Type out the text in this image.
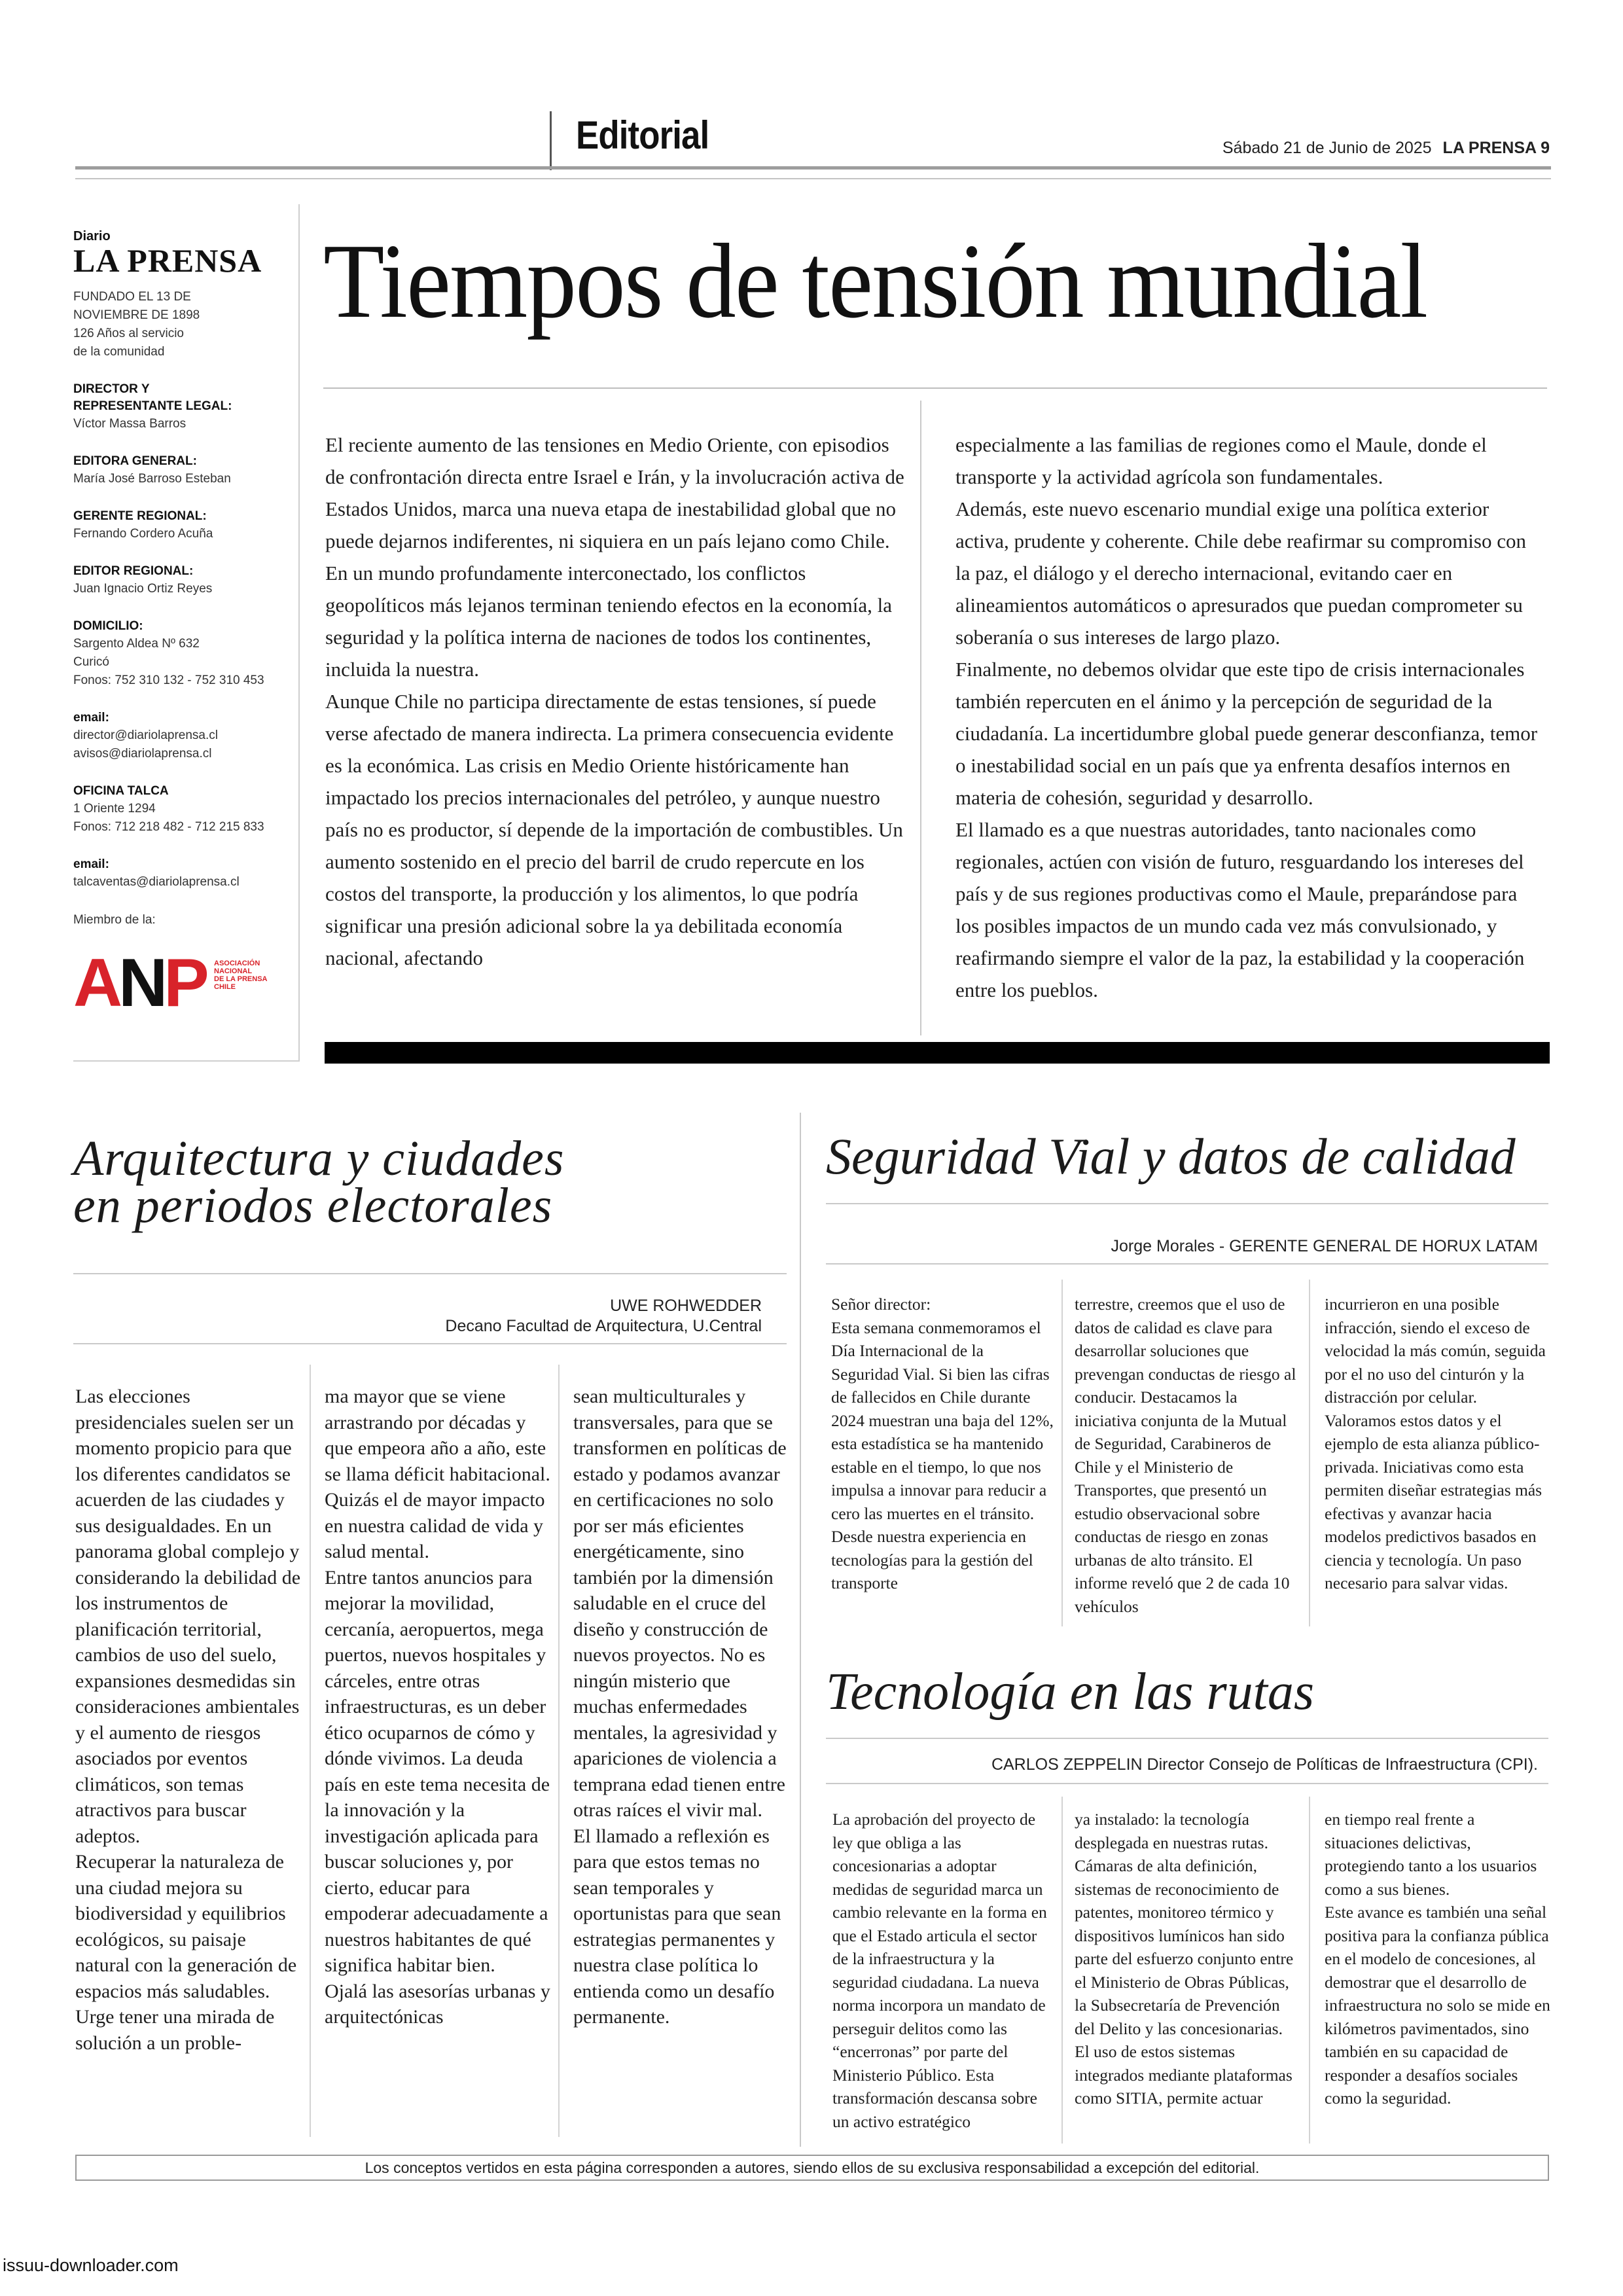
Editorial	Sábado 21 de Junio de 2025 LA PRENSA 9
Diario
LA PRENSA
FUNDADO EL 13 DE
NOVIEMBRE DE 1898
126 Años al servicio
de la comunidad
DIRECTOR Y
REPRESENTANTE LEGAL:
Víctor Massa Barros
EDITORA GENERAL:
María José Barroso Esteban
GERENTE REGIONAL:
Fernando Cordero Acuña
EDITOR REGIONAL:
Juan Ignacio Ortiz Reyes
DOMICILIO:
Sargento Aldea Nº 632
Curicó
Fonos: 752 310 132 - 752 310 453
email:
director@diariolaprensa.cl
avisos@diariolaprensa.cl
OFICINA TALCA
1 Oriente 1294
Fonos: 712 218 482 - 712 215 833
email:
talcaventas@diariolaprensa.cl
Miembro de la:
ANP ASOCIACIÓN
NACIONAL
DE LA PRENSA
CHILE
Tiempos de tensión mundial

El reciente aumento de las tensiones en Medio Oriente, con episodios de confrontación directa entre Israel e Irán, y la involucración activa de Estados Unidos, marca una nueva etapa de inestabilidad global que no puede dejarnos indiferentes, ni siquiera en un país lejano como Chile. En un mundo profundamente interconectado, los conflictos geopolíticos más lejanos terminan teniendo efectos en la economía, la seguridad y la política interna de naciones de todos los continentes, incluida la nuestra.

Aunque Chile no participa directamente de estas tensiones, sí puede verse afectado de manera indirecta. La primera consecuencia evidente es la económica. Las crisis en Medio Oriente históricamente han impactado los precios internacionales del petróleo, y aunque nuestro país no es productor, sí depende de la importación de combustibles. Un aumento sostenido en el precio del barril de crudo repercute en los costos del transporte, la producción y los alimentos, lo que podría significar una presión adicional sobre la ya debilitada economía nacional, afectando

especialmente a las familias de regiones como el Maule, donde el transporte y la actividad agrícola son fundamentales.

Además, este nuevo escenario mundial exige una política exterior activa, prudente y coherente. Chile debe reafirmar su compromiso con la paz, el diálogo y el derecho internacional, evitando caer en alineamientos automáticos o apresurados que puedan comprometer su soberanía o sus intereses de largo plazo.

Finalmente, no debemos olvidar que este tipo de crisis internacionales también repercuten en el ánimo y la percepción de seguridad de la ciudadanía. La incertidumbre global puede generar desconfianza, temor o inestabilidad social en un país que ya enfrenta desafíos internos en materia de cohesión, seguridad y desarrollo.

El llamado es a que nuestras autoridades, tanto nacionales como regionales, actúen con visión de futuro, resguardando los intereses del país y de sus regiones productivas como el Maule, preparándose para los posibles impactos de un mundo cada vez más convulsionado, y reafirmando siempre el valor de la paz, la estabilidad y la cooperación entre los pueblos.

Arquitectura y ciudades
en periodos electorales
UWE ROHWEDDER
Decano Facultad de Arquitectura, U.Central

Las elecciones presidenciales suelen ser un momento propicio para que los diferentes candidatos se acuerden de las ciudades y sus desigualdades. En un panorama global complejo y considerando la debilidad de los instrumentos de planificación territorial, cambios de uso del suelo, expansiones desmedidas sin consideraciones ambientales y el aumento de riesgos asociados por eventos climáticos, son temas atractivos para buscar adeptos.

Recuperar la naturaleza de una ciudad mejora su biodiversidad y equilibrios ecológicos, su paisaje natural con la generación de espacios más saludables. Urge tener una mirada de solución a un proble-

ma mayor que se viene arrastrando por décadas y que empeora año a año, este se llama déficit habitacional. Quizás el de mayor impacto en nuestra calidad de vida y salud mental.

Entre tantos anuncios para mejorar la movilidad, cercanía, aeropuertos, mega puertos, nuevos hospitales y cárceles, entre otras infraestructuras, es un deber ético ocuparnos de cómo y dónde vivimos. La deuda país en este tema necesita de la innovación y la investigación aplicada para buscar soluciones y, por cierto, educar para empoderar adecuadamente a nuestros habitantes de qué significa habitar bien.

Ojalá las asesorías urbanas y arquitectónicas

sean multiculturales y transversales, para que se transformen en políticas de estado y podamos avanzar en certificaciones no solo por ser más eficientes energéticamente, sino también por la dimensión saludable en el cruce del diseño y construcción de nuevos proyectos. No es ningún misterio que muchas enfermedades mentales, la agresividad y apariciones de violencia a temprana edad tienen entre otras raíces el vivir mal.

El llamado a reflexión es para que estos temas no sean temporales y oportunistas para que sean estrategias permanentes y nuestra clase política lo entienda como un desafío permanente.

Seguridad Vial y datos de calidad
Jorge Morales - GERENTE GENERAL DE HORUX LATAM

Señor director:

Esta semana conmemoramos el Día Internacional de la Seguridad Vial. Si bien las cifras de fallecidos en Chile durante 2024 muestran una baja del 12%, esta estadística se ha mantenido estable en el tiempo, lo que nos impulsa a innovar para reducir a cero las muertes en el tránsito.

Desde nuestra experiencia en tecnologías para la gestión del transporte

terrestre, creemos que el uso de datos de calidad es clave para desarrollar soluciones que prevengan conductas de riesgo al conducir. Destacamos la iniciativa conjunta de la Mutual de Seguridad, Carabineros de Chile y el Ministerio de Transportes, que presentó un estudio observacional sobre conductas de riesgo en zonas urbanas de alto tránsito. El informe reveló que 2 de cada 10 vehículos

incurrieron en una posible infracción, siendo el exceso de velocidad la más común, seguida por el no uso del cinturón y la distracción por celular. Valoramos estos datos y el ejemplo de esta alianza público-privada. Iniciativas como esta permiten diseñar estrategias más efectivas y avanzar hacia modelos predictivos basados en ciencia y tecnología. Un paso necesario para salvar vidas.

Tecnología en las rutas
CARLOS ZEPPELIN Director Consejo de Políticas de Infraestructura (CPI).

La aprobación del proyecto de ley que obliga a las concesionarias a adoptar medidas de seguridad marca un cambio relevante en la forma en que el Estado articula el sector de la infraestructura y la seguridad ciudadana. La nueva norma incorpora un mandato de perseguir delitos como las “encerronas” por parte del Ministerio Público. Esta transformación descansa sobre un activo estratégico

ya instalado: la tecnología desplegada en nuestras rutas. Cámaras de alta definición, sistemas de reconocimiento de patentes, monitoreo térmico y dispositivos lumínicos han sido parte del esfuerzo conjunto entre el Ministerio de Obras Públicas, la Subsecretaría de Prevención del Delito y las concesionarias.

El uso de estos sistemas integrados mediante plataformas como SITIA, permite actuar

en tiempo real frente a situaciones delictivas, protegiendo tanto a los usuarios como a sus bienes.

Este avance es también una señal positiva para la confianza pública en el modelo de concesiones, al demostrar que el desarrollo de infraestructura no solo se mide en kilómetros pavimentados, sino también en su capacidad de responder a desafíos sociales como la seguridad.

Los conceptos vertidos en esta página corresponden a autores, siendo ellos de su exclusiva responsabilidad a excepción del editorial.
issuu-downloader.com
